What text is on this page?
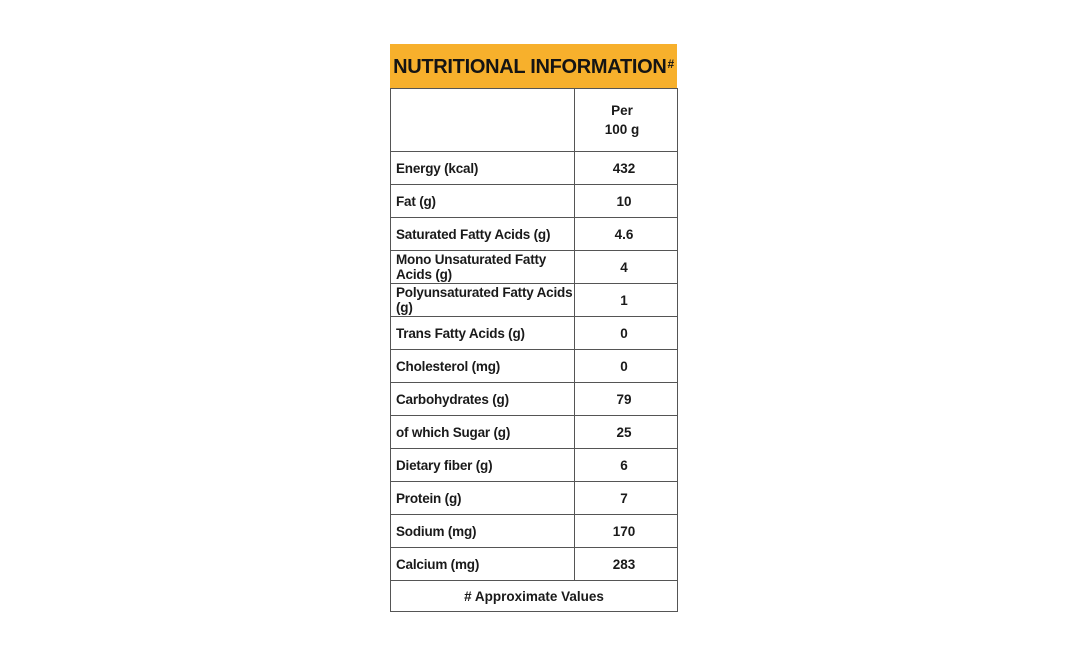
NUTRITIONAL INFORMATION#

	Per
100 g

Energy (kcal)	432
Fat (g)	10
Saturated Fatty Acids (g)	4.6
Mono Unsaturated Fatty Acids (g)	4
Polyunsaturated Fatty Acids (g)	1
Trans Fatty Acids (g)	0
Cholesterol (mg)	0
Carbohydrates (g)	79
of which Sugar (g)	25
Dietary fiber (g)	6
Protein (g)	7
Sodium (mg)	170
Calcium (mg)	283
# Approximate Values	
